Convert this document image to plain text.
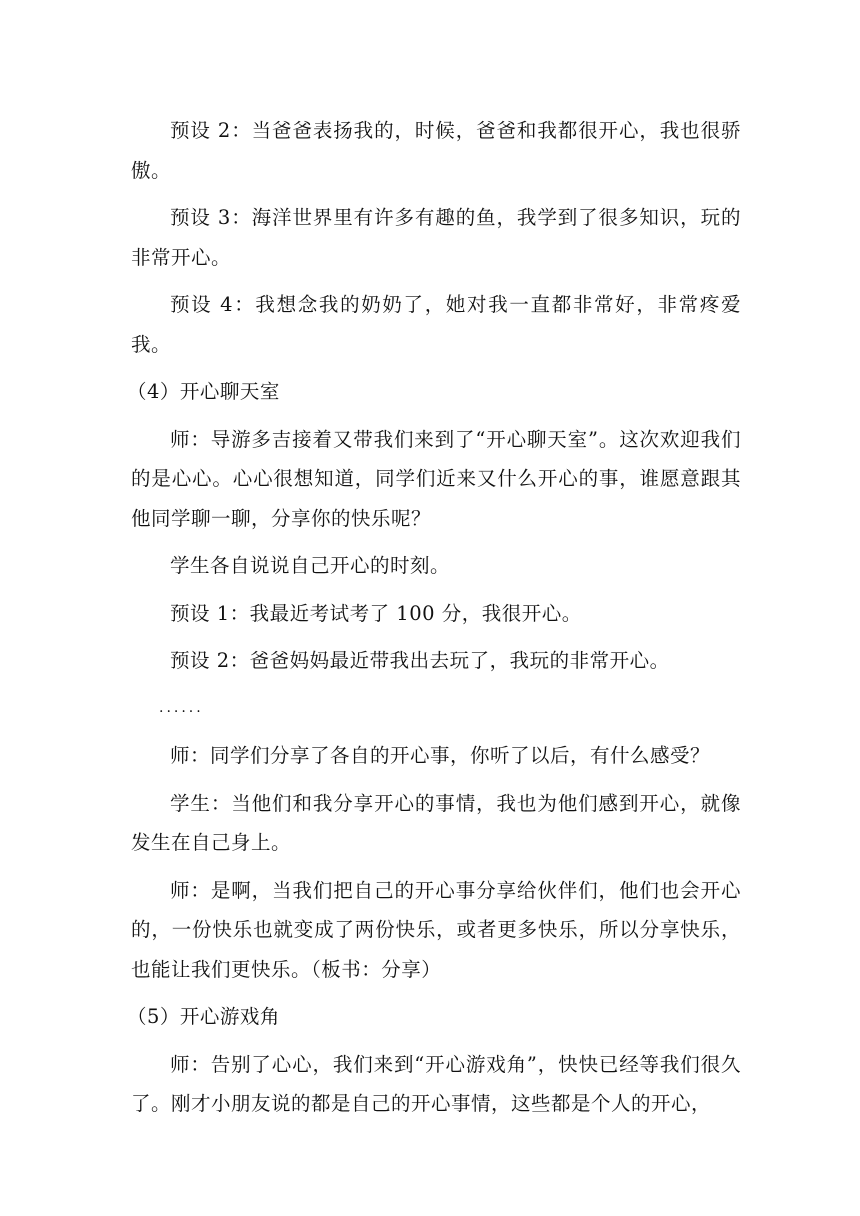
预设 2：当爸爸表扬我的，时候，爸爸和我都很开心，我也很骄傲。

预设 3：海洋世界里有许多有趣的鱼，我学到了很多知识，玩的非常开心。

预设 4：我想念我的奶奶了，她对我一直都非常好，非常疼爱我。

（4）开心聊天室

师：导游多吉接着又带我们来到了“开心聊天室”。这次欢迎我们的是心心。心心很想知道，同学们近来又什么开心的事，谁愿意跟其他同学聊一聊，分享你的快乐呢？

学生各自说说自己开心的时刻。

预设 1：我最近考试考了 100 分，我很开心。

预设 2：爸爸妈妈最近带我出去玩了，我玩的非常开心。

......

师：同学们分享了各自的开心事，你听了以后，有什么感受？

学生：当他们和我分享开心的事情，我也为他们感到开心，就像发生在自己身上。

师：是啊，当我们把自己的开心事分享给伙伴们，他们也会开心的，一份快乐也就变成了两份快乐，或者更多快乐，所以分享快乐，也能让我们更快乐。（板书：分享）

（5）开心游戏角

师：告别了心心，我们来到“开心游戏角”，快快已经等我们很久了。刚才小朋友说的都是自己的开心事情，这些都是个人的开心，
